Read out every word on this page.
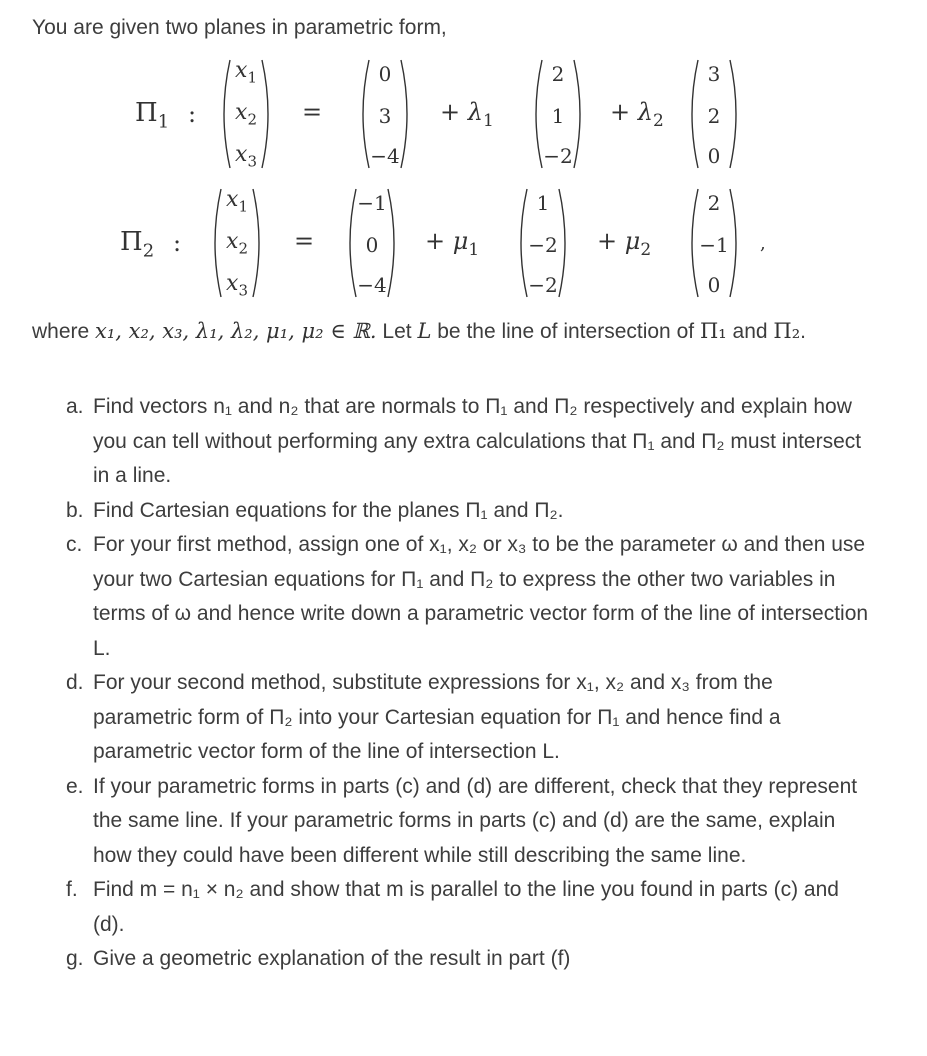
You are given two planes in parametric form,
$\Pi_1$ :
$x_1$
$x_2$
$x_3$
=
0
3
−4
+ $\lambda_1$
2
1
−2
+ $\lambda_2$
3
2
0
$\Pi_2$ :
$x_1$
$x_2$
$x_3$
=
−1
0
−4
+ $\mu_1$
1
−2
−2
+ $\mu_2$
2
−1
0
,
where x₁, x₂, x₃, λ₁, λ₂, μ₁, μ₂ ∈ ℝ. Let L be the line of intersection of Π₁ and Π₂.
a. Find vectors n₁ and n₂ that are normals to Π₁ and Π₂ respectively and explain how you can tell without performing any extra calculations that Π₁ and Π₂ must intersect in a line.
b. Find Cartesian equations for the planes Π₁ and Π₂.
c. For your first method, assign one of x₁, x₂ or x₃ to be the parameter ω and then use your two Cartesian equations for Π₁ and Π₂ to express the other two variables in terms of ω and hence write down a parametric vector form of the line of intersection L.
d. For your second method, substitute expressions for x₁, x₂ and x₃ from the parametric form of Π₂ into your Cartesian equation for Π₁ and hence find a parametric vector form of the line of intersection L.
e. If your parametric forms in parts (c) and (d) are different, check that they represent the same line. If your parametric forms in parts (c) and (d) are the same, explain how they could have been different while still describing the same line.
f. Find m = n₁ × n₂ and show that m is parallel to the line you found in parts (c) and (d).
g. Give a geometric explanation of the result in part (f)
